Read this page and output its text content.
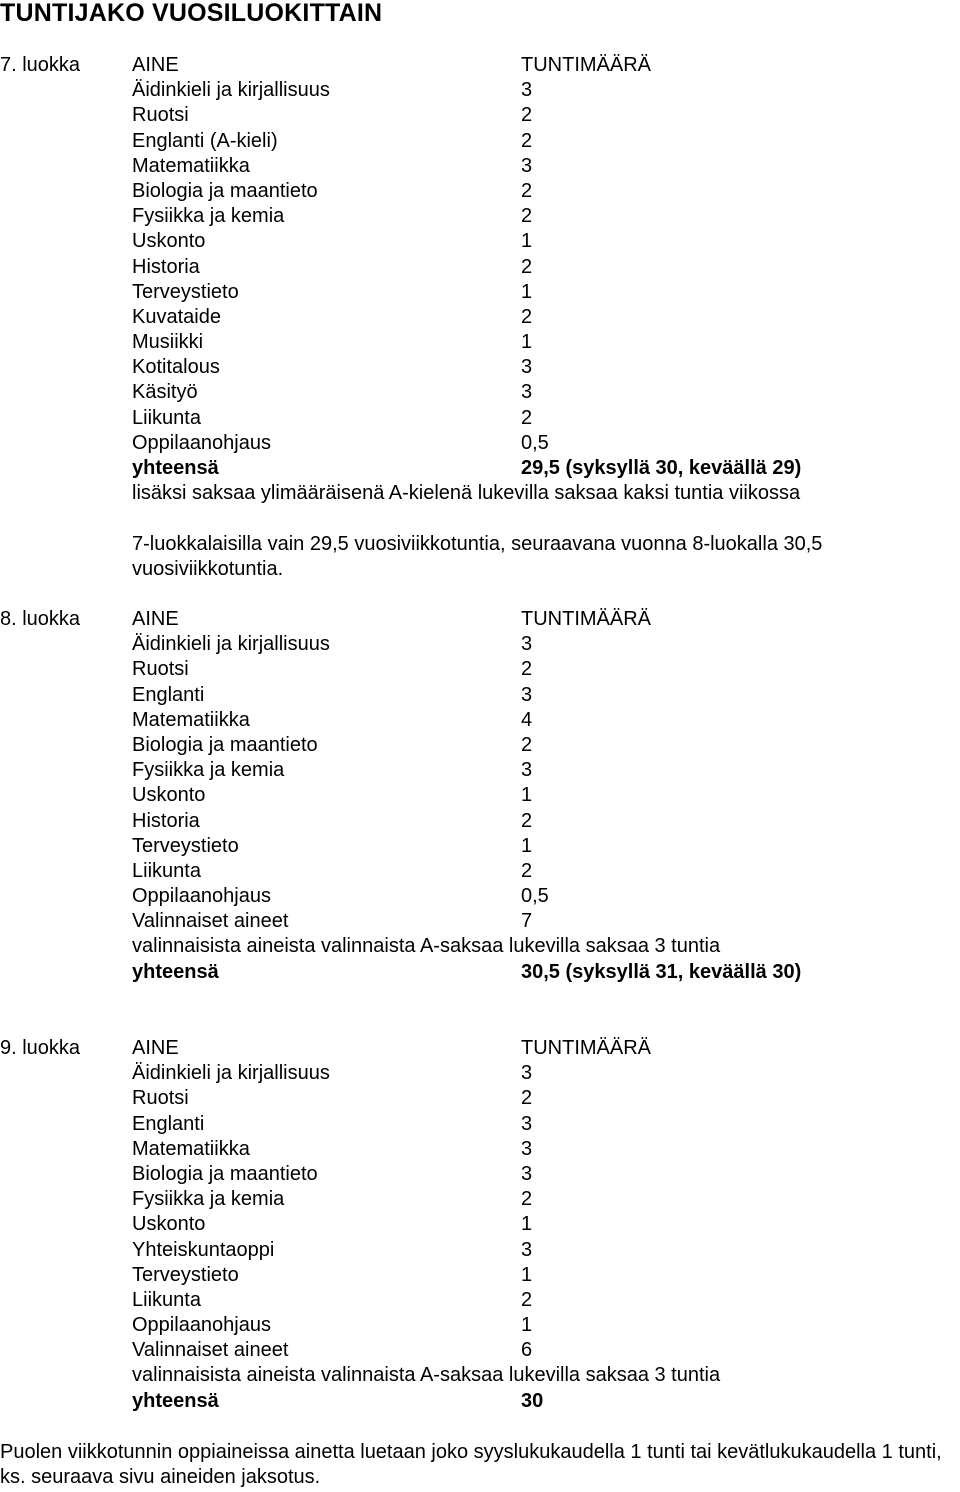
TUNTIJAKO VUOSILUOKITTAIN
7. luokka	AINE	TUNTIMÄÄRÄ
Äidinkieli ja kirjallisuus	3
Ruotsi	2
Englanti (A-kieli)	2
Matematiikka	3
Biologia ja maantieto	2
Fysiikka ja kemia	2
Uskonto	1
Historia	2
Terveystieto	1
Kuvataide	2
Musiikki	1
Kotitalous	3
Käsityö	3
Liikunta	2
Oppilaanohjaus	0,5
yhteensä	29,5 (syksyllä 30, keväällä 29)
lisäksi saksaa ylimääräisenä A-kielenä lukevilla saksaa kaksi tuntia viikossa
7-luokkalaisilla vain 29,5 vuosiviikkotuntia, seuraavana vuonna 8-luokalla 30,5
vuosiviikkotuntia.
8. luokka	AINE	TUNTIMÄÄRÄ
Äidinkieli ja kirjallisuus	3
Ruotsi	2
Englanti	3
Matematiikka	4
Biologia ja maantieto	2
Fysiikka ja kemia	3
Uskonto	1
Historia	2
Terveystieto	1
Liikunta	2
Oppilaanohjaus	0,5
Valinnaiset aineet	7
valinnaisista aineista valinnaista A-saksaa lukevilla saksaa 3 tuntia
yhteensä	30,5 (syksyllä 31, keväällä 30)
9. luokka	AINE	TUNTIMÄÄRÄ
Äidinkieli ja kirjallisuus	3
Ruotsi	2
Englanti	3
Matematiikka	3
Biologia ja maantieto	3
Fysiikka ja kemia	2
Uskonto	1
Yhteiskuntaoppi	3
Terveystieto	1
Liikunta	2
Oppilaanohjaus	1
Valinnaiset aineet	6
valinnaisista aineista valinnaista A-saksaa lukevilla saksaa 3 tuntia
yhteensä	30
Puolen viikkotunnin oppiaineissa ainetta luetaan joko syyslukukaudella 1 tunti tai kevätlukukaudella 1 tunti, ks. seuraava sivu aineiden jaksotus.
